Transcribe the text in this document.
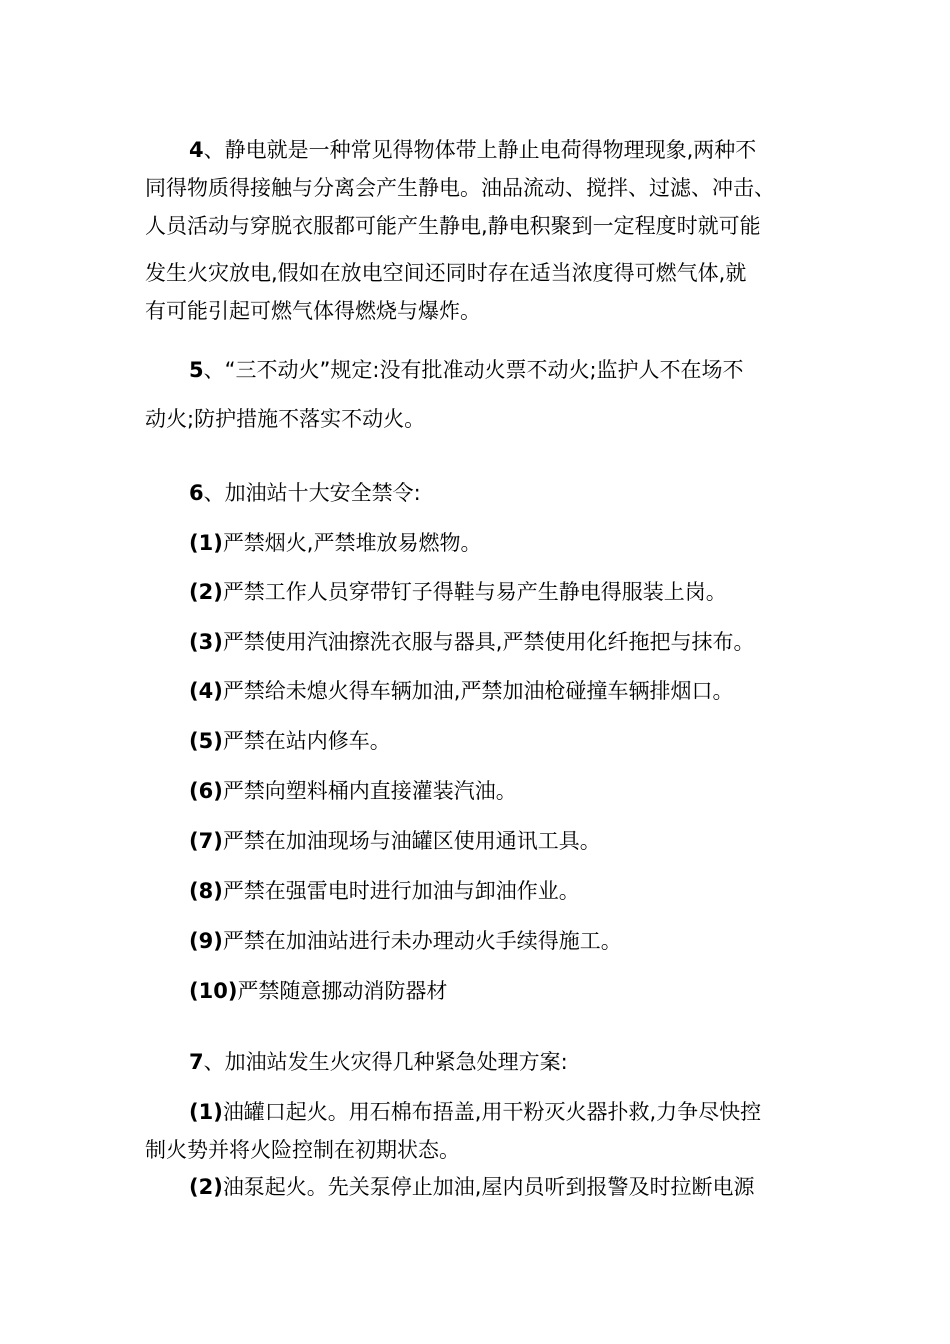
4、静电就是一种常见得物体带上静止电荷得物理现象,两种不
同得物质得接触与分离会产生静电。油品流动、搅拌、过滤、冲击、
人员活动与穿脱衣服都可能产生静电,静电积聚到一定程度时就可能
发生火灾放电,假如在放电空间还同时存在适当浓度得可燃气体,就
有可能引起可燃气体得燃烧与爆炸。
5、“三不动火”规定:没有批准动火票不动火;监护人不在场不
动火;防护措施不落实不动火。
6、加油站十大安全禁令:
(1)严禁烟火,严禁堆放易燃物。
(2)严禁工作人员穿带钉子得鞋与易产生静电得服装上岗。
(3)严禁使用汽油擦洗衣服与器具,严禁使用化纤拖把与抹布。
(4)严禁给未熄火得车辆加油,严禁加油枪碰撞车辆排烟口。
(5)严禁在站内修车。
(6)严禁向塑料桶内直接灌装汽油。
(7)严禁在加油现场与油罐区使用通讯工具。
(8)严禁在强雷电时进行加油与卸油作业。
(9)严禁在加油站进行未办理动火手续得施工。
(10)严禁随意挪动消防器材
7、加油站发生火灾得几种紧急处理方案:
(1)油罐口起火。用石棉布捂盖,用干粉灭火器扑救,力争尽快控
制火势并将火险控制在初期状态。
(2)油泵起火。先关泵停止加油,屋内员听到报警及时拉断电源
